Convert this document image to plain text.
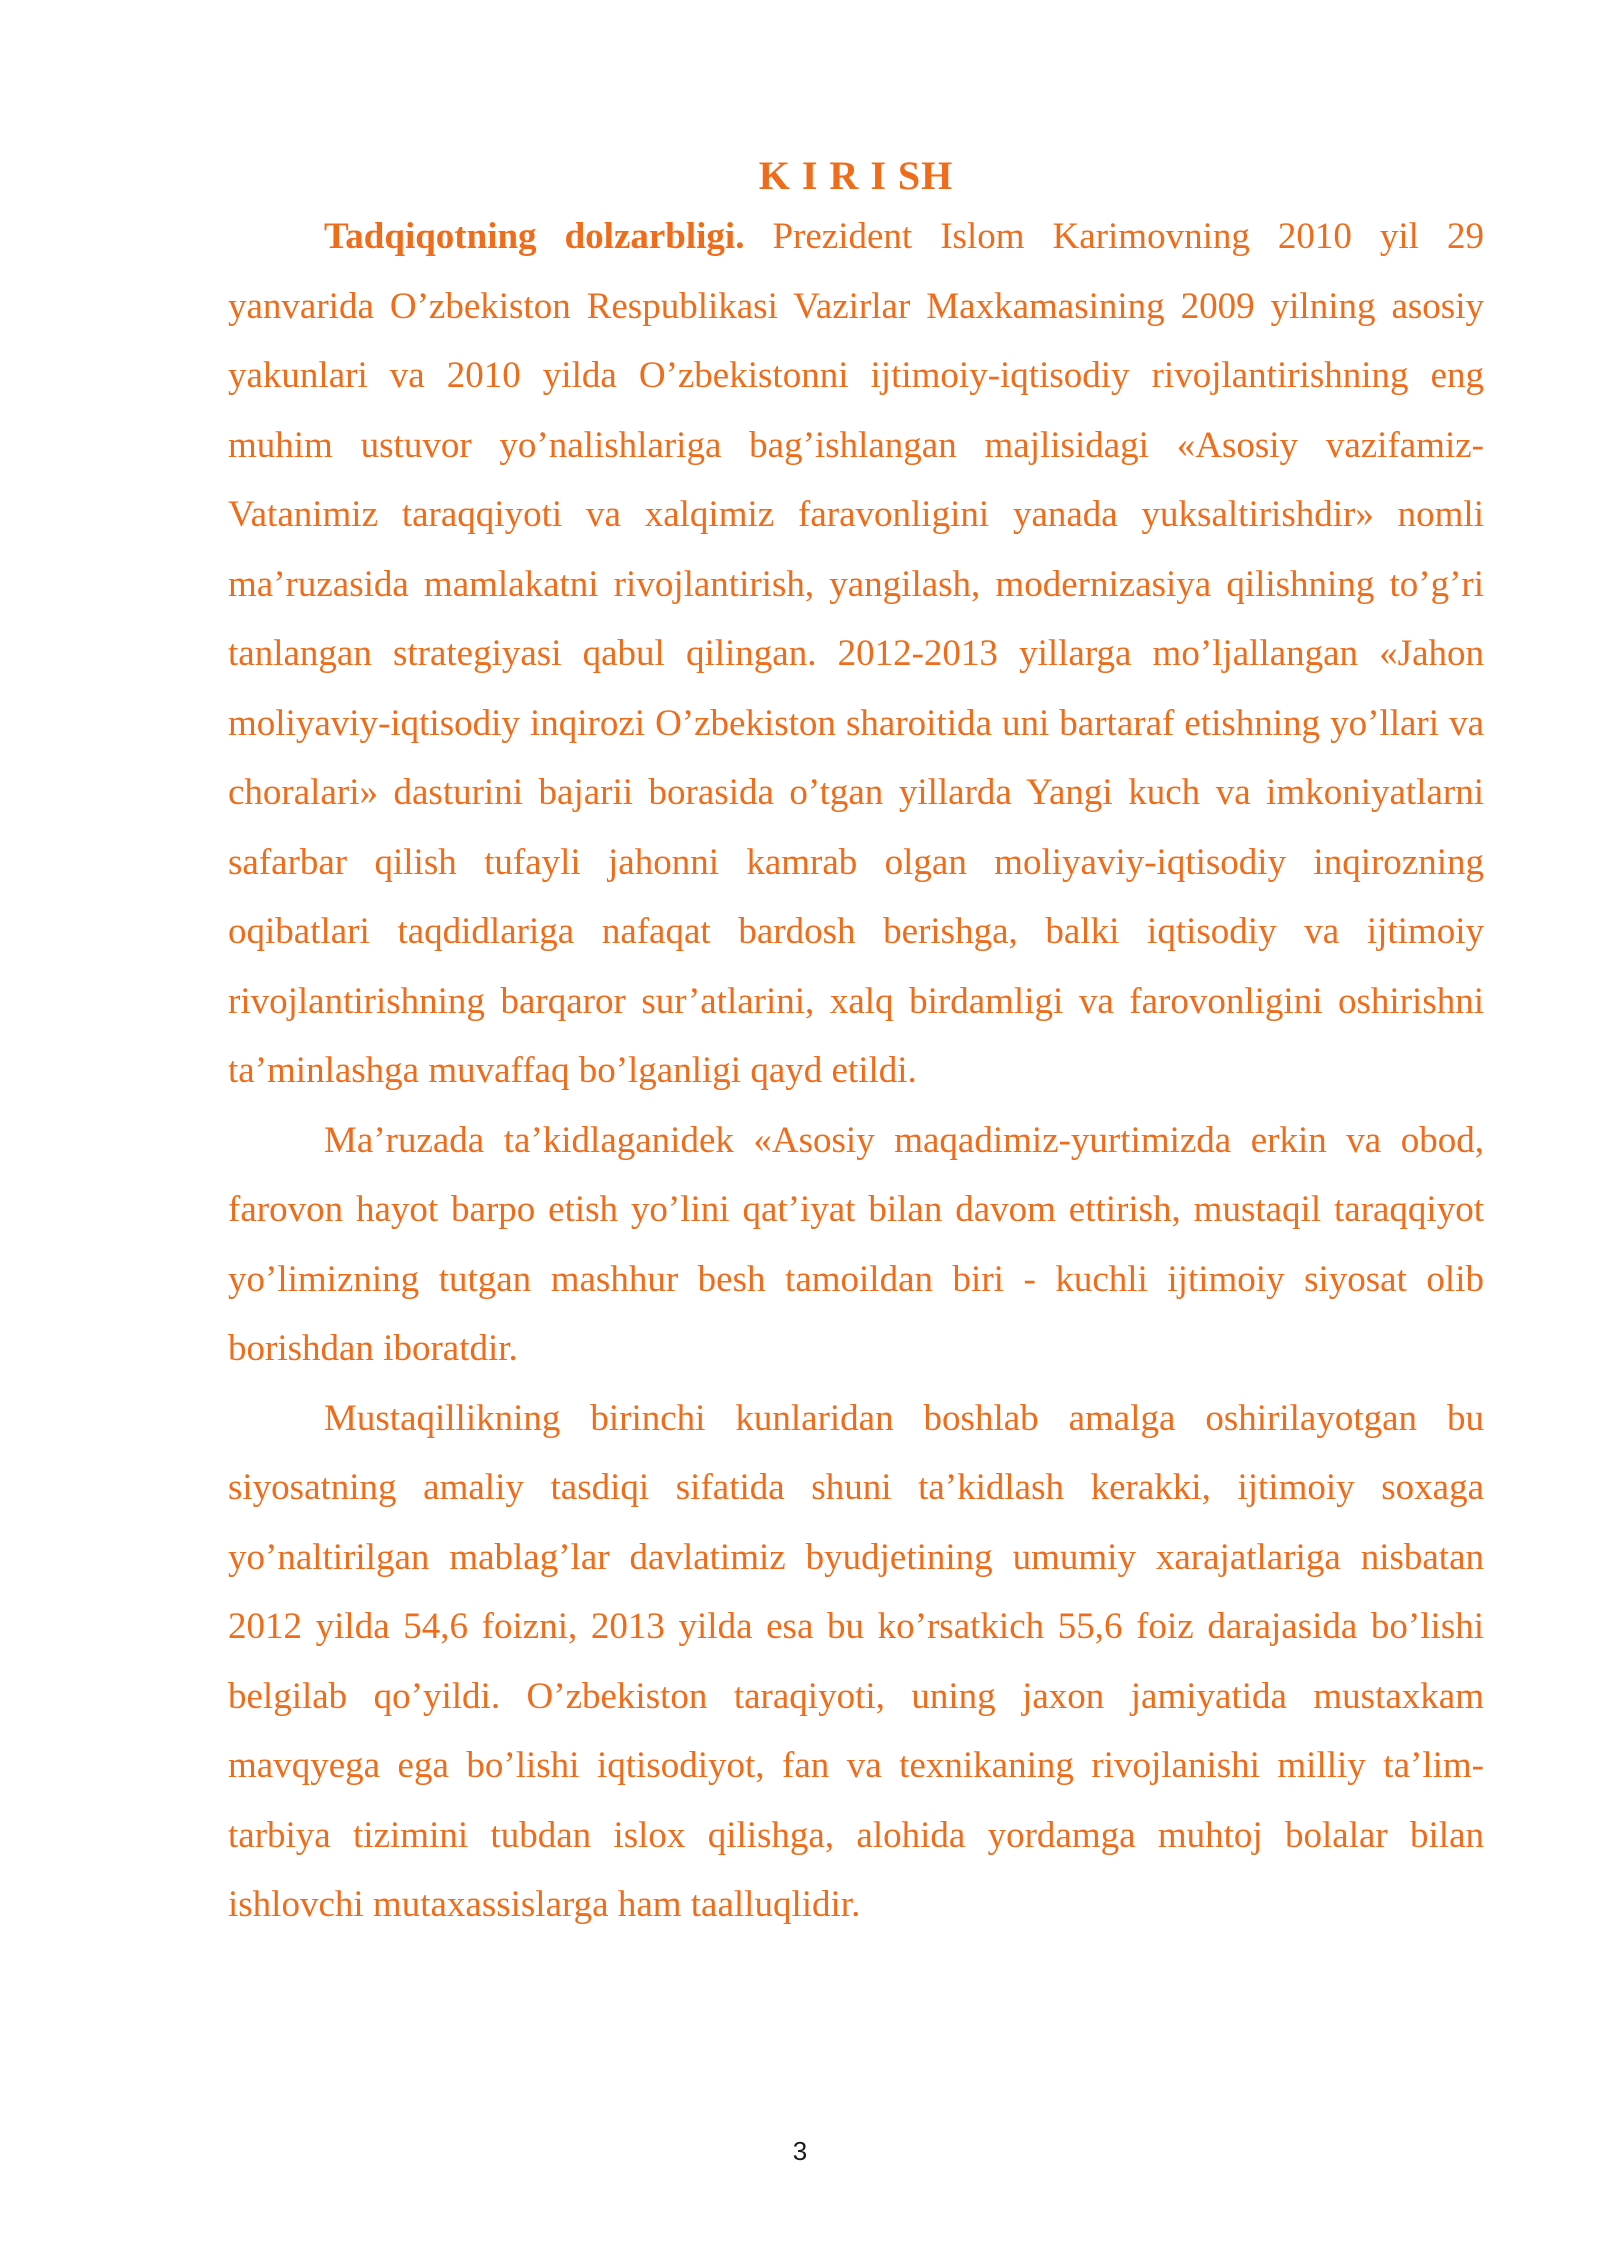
K I R I SH

Tadqiqotning dolzarbligi. Prezident Islom Karimovning 2010 yil 29 yanvarida O’zbekiston Respublikasi Vazirlar Maxkamasining 2009 yilning asosiy yakunlari va 2010 yilda O’zbekistonni ijtimoiy-iqtisodiy rivojlantirishning eng muhim ustuvor yo’nalishlariga bag’ishlangan majlisidagi «Asosiy vazifamiz-Vatanimiz taraqqiyoti va xalqimiz faravonligini yanada yuksaltirishdir» nomli ma’ruzasida mamlakatni rivojlantirish, yangilash, modernizasiya qilishning to’g’ri tanlangan strategiyasi qabul qilingan. 2012-2013 yillarga mo’ljallangan «Jahon moliyaviy-iqtisodiy inqirozi O’zbekiston sharoitida uni bartaraf etishning yo’llari va choralari» dasturini bajarii borasida o’tgan yillarda Yangi kuch va imkoniyatlarni safarbar qilish tufayli jahonni kamrab olgan moliyaviy-iqtisodiy inqirozning oqibatlari taqdidlariga nafaqat bardosh berishga, balki iqtisodiy va ijtimoiy rivojlantirishning barqaror sur’atlarini, xalq birdamligi va farovonligini oshirishni ta’minlashga muvaffaq bo’lganligi qayd etildi.

Ma’ruzada ta’kidlaganidek «Asosiy maqadimiz-yurtimizda erkin va obod, farovon hayot barpo etish yo’lini qat’iyat bilan davom ettirish, mustaqil taraqqiyot yo’limizning tutgan mashhur besh tamoildan biri - kuchli ijtimoiy siyosat olib borishdan iboratdir.

Mustaqillikning birinchi kunlaridan boshlab amalga oshirilayotgan bu siyosatning amaliy tasdiqi sifatida shuni ta’kidlash kerakki, ijtimoiy soxaga yo’naltirilgan mablag’lar davlatimiz byudjetining umumiy xarajatlariga nisbatan 2012 yilda 54,6 foizni, 2013 yilda esa bu ko’rsatkich 55,6 foiz darajasida bo’lishi belgilab qo’yildi. O’zbekiston taraqiyoti, uning jaxon jamiyatida mustaxkam mavqyega ega bo’lishi iqtisodiyot, fan va texnikaning rivojlanishi milliy ta’lim-tarbiya tizimini tubdan islox qilishga, alohida yordamga muhtoj bolalar bilan ishlovchi mutaxassislarga ham taalluqlidir.

3
